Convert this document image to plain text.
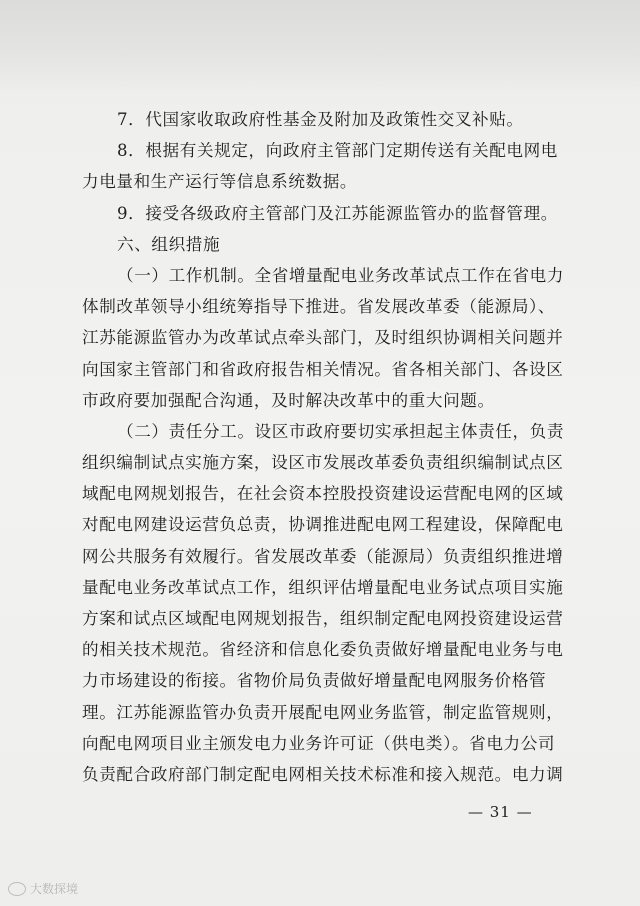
7．代国家收取政府性基金及附加及政策性交叉补贴。
8．根据有关规定，向政府主管部门定期传送有关配电网电
力电量和生产运行等信息系统数据。
9．接受各级政府主管部门及江苏能源监管办的监督管理。
六、组织措施
（一）工作机制。全省增量配电业务改革试点工作在省电力
体制改革领导小组统筹指导下推进。省发展改革委（能源局）、
江苏能源监管办为改革试点牵头部门，及时组织协调相关问题并
向国家主管部门和省政府报告相关情况。省各相关部门、各设区
市政府要加强配合沟通，及时解决改革中的重大问题。
（二）责任分工。设区市政府要切实承担起主体责任，负责
组织编制试点实施方案，设区市发展改革委负责组织编制试点区
域配电网规划报告，在社会资本控股投资建设运营配电网的区域
对配电网建设运营负总责，协调推进配电网工程建设，保障配电
网公共服务有效履行。省发展改革委（能源局）负责组织推进增
量配电业务改革试点工作，组织评估增量配电业务试点项目实施
方案和试点区域配电网规划报告，组织制定配电网投资建设运营
的相关技术规范。省经济和信息化委负责做好增量配电业务与电
力市场建设的衔接。省物价局负责做好增量配电网服务价格管
理。江苏能源监管办负责开展配电网业务监管，制定监管规则，
向配电网项目业主颁发电力业务许可证（供电类）。省电力公司
负责配合政府部门制定配电网相关技术标准和接入规范。电力调
— 31 —
大数探境
